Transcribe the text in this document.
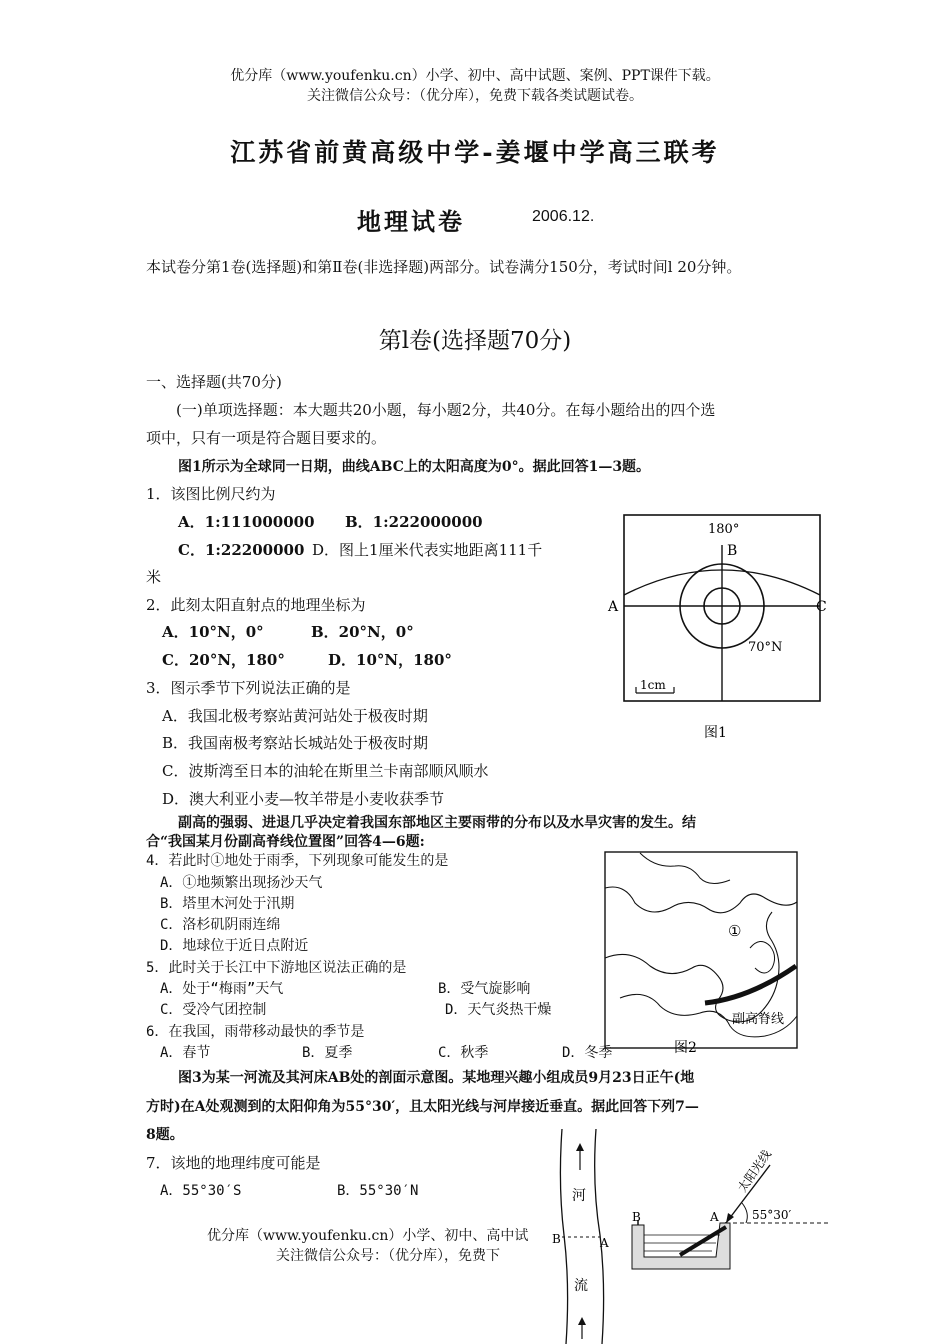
优分库（www.youfenku.cn）小学、初中、高中试题、案例、PPT课件下载。
关注微信公众号：（优分库），免费下载各类试题试卷。
江苏省前黄高级中学-姜堰中学高三联考
地理试卷	2006.12.
本试卷分第1卷(选择题)和第Ⅱ卷(非选择题)两部分。试卷满分150分，考试时间l 20分钟。
第l卷(选择题70分)
一、选择题(共70分)
(一)单项选择题：本大题共20小题，每小题2分，共40分。在每小题给出的四个选
项中，只有一项是符合题目要求的。
图1所示为全球同一日期，曲线ABC上的太阳高度为0°。据此回答1—3题。
1．该图比例尺约为
A．1:111000000 B．1:222000000
C．1:22200000 D．图上1厘米代表实地距离111千
米
2．此刻太阳直射点的地理坐标为
A．10°N，0°	B．20°N，0°
C．20°N，180°	D．10°N，180°
3．图示季节下列说法正确的是
A．我国北极考察站黄河站处于极夜时期
B．我国南极考察站长城站处于极夜时期
C．波斯湾至日本的油轮在斯里兰卡南部顺风顺水
D．澳大利亚小麦—牧羊带是小麦收获季节
180°
B
A	C
70°N
1cm
图1
副高的强弱、进退几乎决定着我国东部地区主要雨带的分布以及水旱灾害的发生。结
合“我国某月份副高脊线位置图”回答4—6题:
4．若此时①地处于雨季，下列现象可能发生的是
A．①地频繁出现扬沙天气
B．塔里木河处于汛期
C．洛杉矶阴雨连绵
D．地球位于近日点附近
5．此时关于长江中下游地区说法正确的是
A．处于“梅雨”天气	B．受气旋影响
C．受冷气团控制	D．天气炎热干燥
6．在我国，雨带移动最快的季节是
A．春节	B．夏季	C．秋季	D．冬季
①
副高脊线
图2
图3为某一河流及其河床AB处的剖面示意图。某地理兴趣小组成员9月23日正午(地
方时)在A处观测到的太阳仰角为55°30′，且太阳光线与河岸接近垂直。据此回答下列7—
8题。
7．该地的地理纬度可能是
A．55°30′S	B．55°30′N	河
流
B	A
B	A
太阳光线
55°30′
优分库（www.youfenku.cn）小学、初中、高中试
关注微信公众号：（优分库），免费下
